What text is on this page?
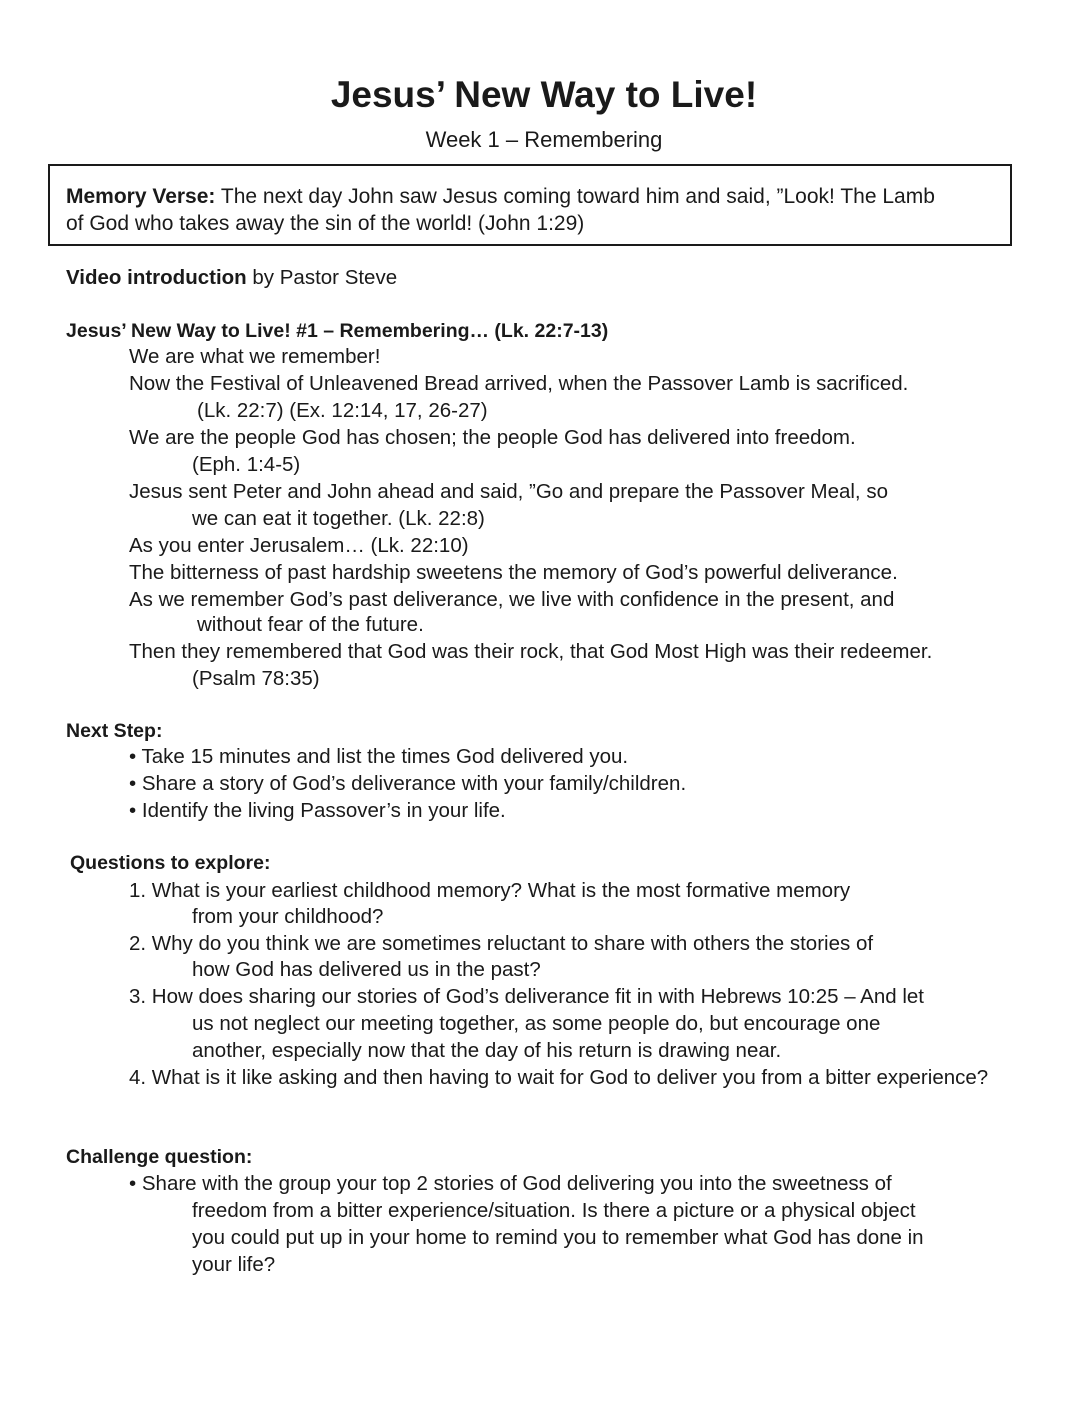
Jesus’ New Way to Live!
Week 1 – Remembering
Memory Verse: The next day John saw Jesus coming toward him and said, ”Look! The Lamb
of God who takes away the sin of the world! (John 1:29)
Video introduction by Pastor Steve
Jesus’ New Way to Live! #1 – Remembering… (Lk. 22:7-13)
We are what we remember!
Now the Festival of Unleavened Bread arrived, when the Passover Lamb is sacrificed.
(Lk. 22:7) (Ex. 12:14, 17, 26-27)
We are the people God has chosen; the people God has delivered into freedom.
(Eph. 1:4-5)
Jesus sent Peter and John ahead and said, ”Go and prepare the Passover Meal, so
we can eat it together. (Lk. 22:8)
As you enter Jerusalem… (Lk. 22:10)
The bitterness of past hardship sweetens the memory of God’s powerful deliverance.
As we remember God’s past deliverance, we live with confidence in the present, and
without fear of the future.
Then they remembered that God was their rock, that God Most High was their redeemer.
(Psalm 78:35)
Next Step:
• Take 15 minutes and list the times God delivered you.
• Share a story of God’s deliverance with your family/children.
• Identify the living Passover’s in your life.
Questions to explore:
1. What is your earliest childhood memory? What is the most formative memory
from your childhood?
2. Why do you think we are sometimes reluctant to share with others the stories of
how God has delivered us in the past?
3. How does sharing our stories of God’s deliverance fit in with Hebrews 10:25 – And let
us not neglect our meeting together, as some people do, but encourage one
another, especially now that the day of his return is drawing near.
4. What is it like asking and then having to wait for God to deliver you from a bitter experience?
Challenge question:
• Share with the group your top 2 stories of God delivering you into the sweetness of
freedom from a bitter experience/situation. Is there a picture or a physical object
you could put up in your home to remind you to remember what God has done in
your life?
